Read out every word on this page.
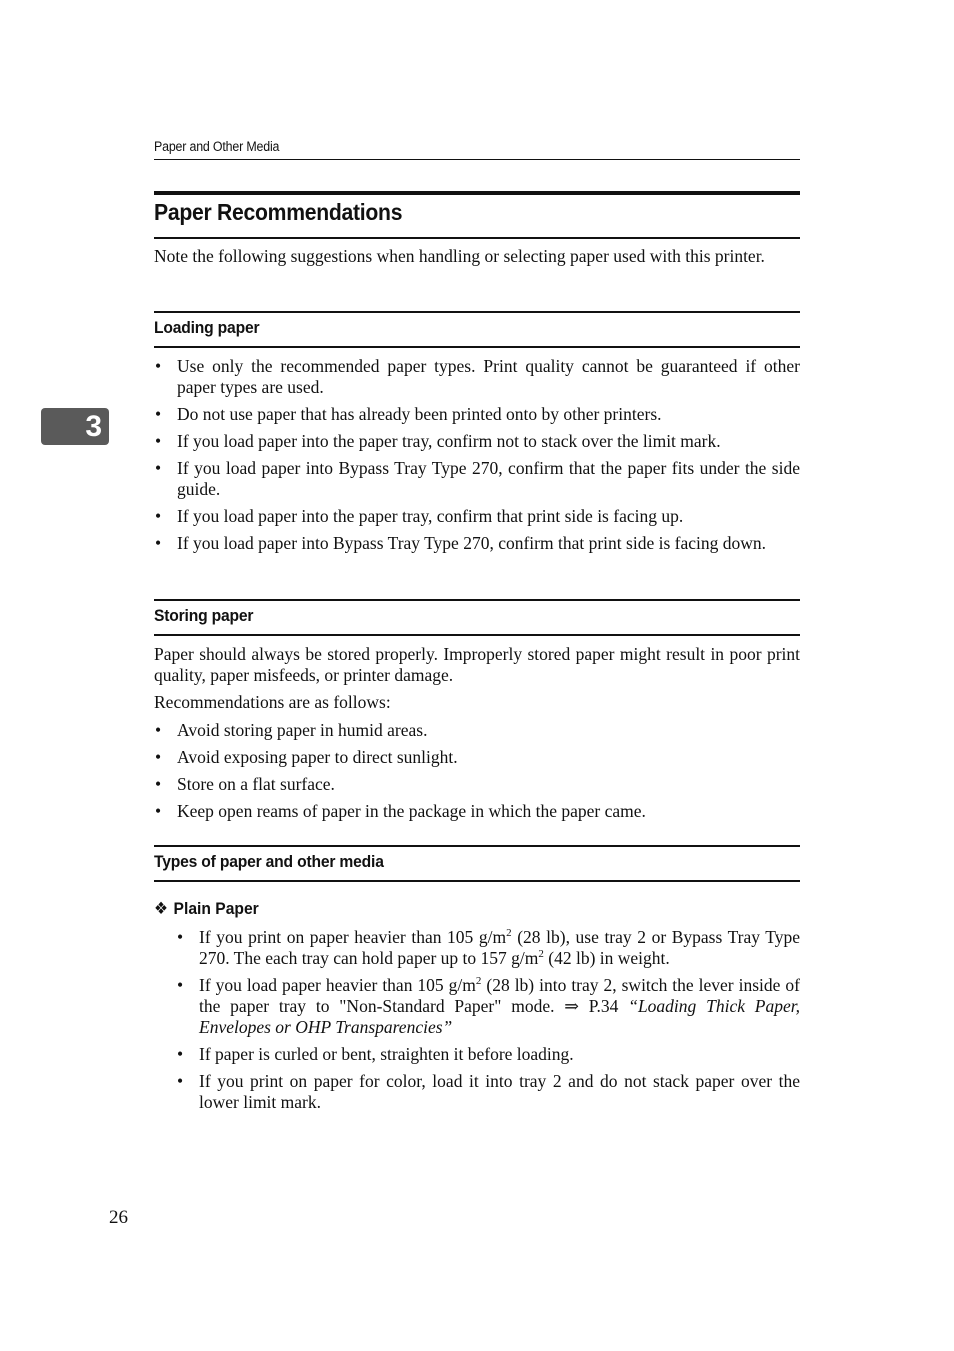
Paper and Other Media
3
Paper Recommendations
Note the following suggestions when handling or selecting paper used with this printer.
Loading paper
• Use only the recommended paper types. Print quality cannot be guaranteed if other paper types are used.
• Do not use paper that has already been printed onto by other printers.
• If you load paper into the paper tray, confirm not to stack over the limit mark.
• If you load paper into Bypass Tray Type 270, confirm that the paper fits under the side guide.
• If you load paper into the paper tray, confirm that print side is facing up.
• If you load paper into Bypass Tray Type 270, confirm that print side is facing down.
Storing paper
Paper should always be stored properly. Improperly stored paper might result in poor print quality, paper misfeeds, or printer damage.
Recommendations are as follows:
• Avoid storing paper in humid areas.
• Avoid exposing paper to direct sunlight.
• Store on a flat surface.
• Keep open reams of paper in the package in which the paper came.
Types of paper and other media
❖ Plain Paper
• If you print on paper heavier than 105 $g/m^2$ (28 lb), use tray 2 or Bypass Tray Type 270. The each tray can hold paper up to 157 $g/m^2$ (42 lb) in weight.
• If you load paper heavier than 105 $g/m^2$ (28 lb) into tray 2, switch the lever inside of the paper tray to "Non-Standard Paper" mode. ⇒ P.34 “Loading Thick Paper, Envelopes or OHP Transparencies”
• If paper is curled or bent, straighten it before loading.
• If you print on paper for color, load it into tray 2 and do not stack paper over the lower limit mark.
26
